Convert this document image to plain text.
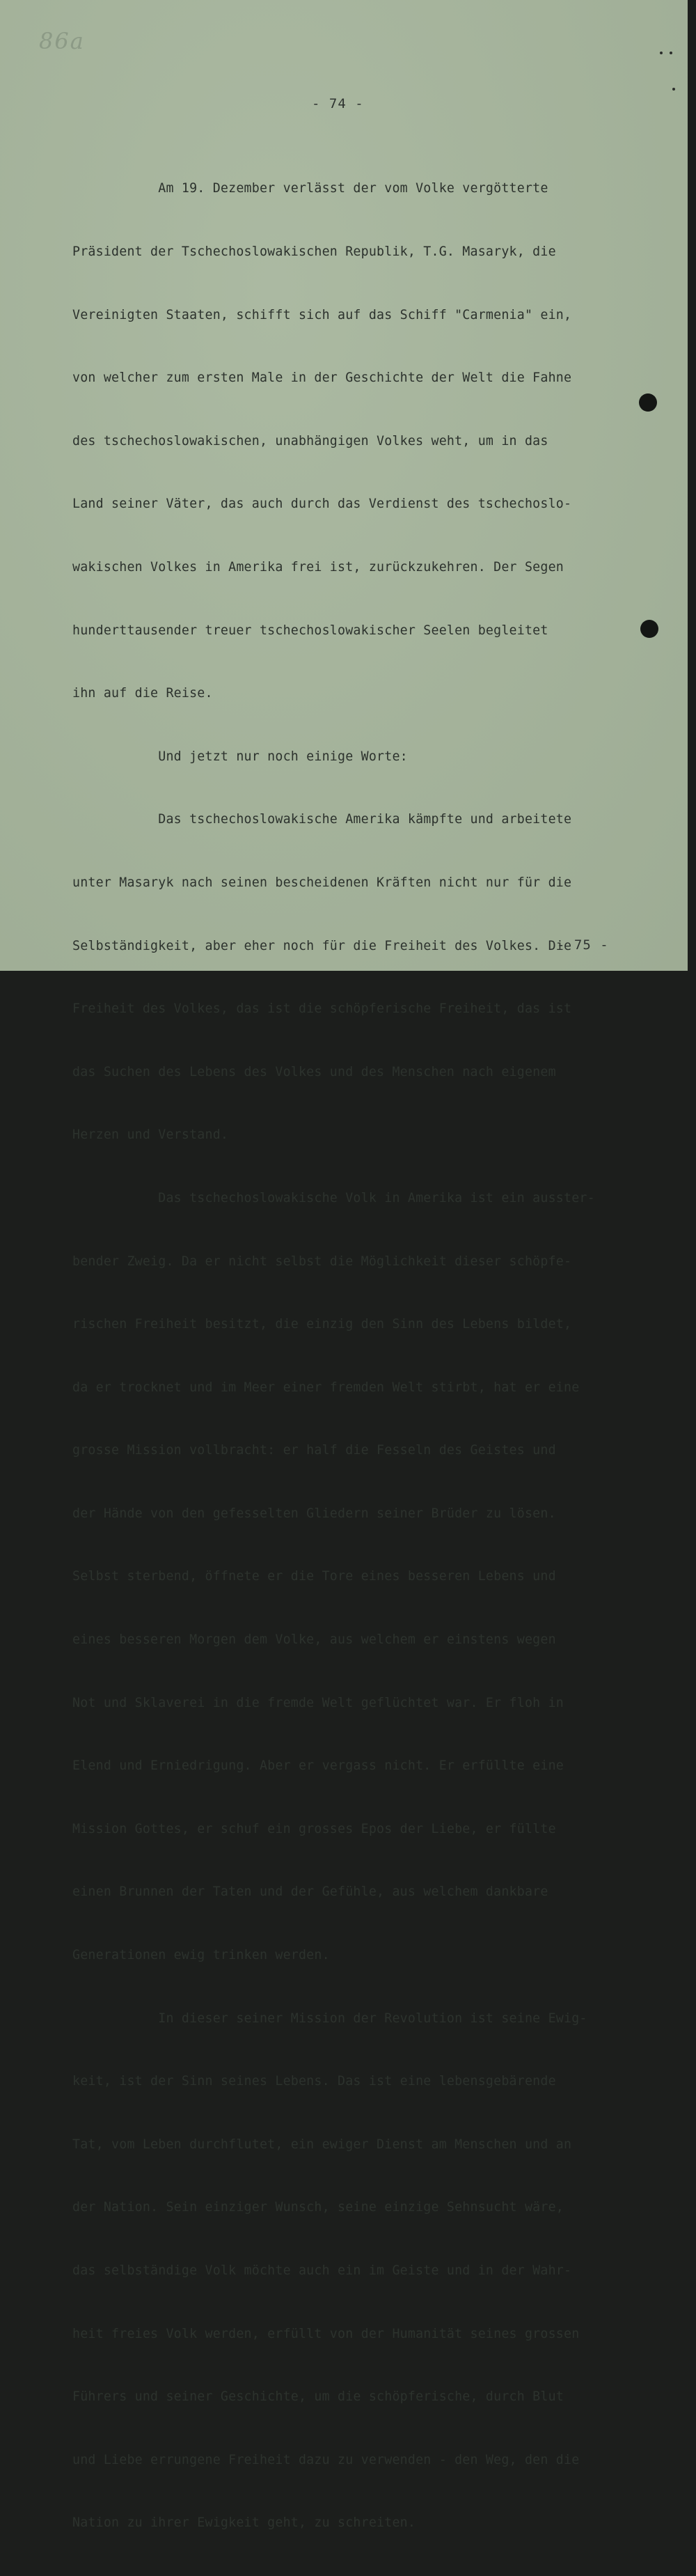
86a
- 74 -

Am 19. Dezember verlässt der vom Volke vergötterte

Präsident der Tschechoslowakischen Republik, T.G. Masaryk, die

Vereinigten Staaten, schifft sich auf das Schiff "Carmenia" ein,

von welcher zum ersten Male in der Geschichte der Welt die Fahne

des tschechoslowakischen, unabhängigen Volkes weht, um in das

Land seiner Väter, das auch durch das Verdienst des tschechoslo-

wakischen Volkes in Amerika frei ist, zurückzukehren. Der Segen

hunderttausender treuer tschechoslowakischer Seelen begleitet

ihn auf die Reise.

Und jetzt nur noch einige Worte:

Das tschechoslowakische Amerika kämpfte und arbeitete

unter Masaryk nach seinen bescheidenen Kräften nicht nur für die

Selbständigkeit, aber eher noch für die Freiheit des Volkes. Die

Freiheit des Volkes, das ist die schöpferische Freiheit, das ist

das Suchen des Lebens des Volkes und des Menschen nach eigenem

Herzen und Verstand.

Das tschechoslowakische Volk in Amerika ist ein ausster-

bender Zweig. Da er nicht selbst die Möglichkeit dieser schöpfe-

rischen Freiheit besitzt, die einzig den Sinn des Lebens bildet,

da er trocknet und im Meer einer fremden Welt stirbt, hat er eine

grosse Mission vollbracht: er half die Fesseln des Geistes und

der Hände von den gefesselten Gliedern seiner Brüder zu lösen.

Selbst sterbend, öffnete er die Tore eines besseren Lebens und

eines besseren Morgen dem Volke, aus welchem er einstens wegen

Not und Sklaverei in die fremde Welt geflüchtet war. Er floh in

Elend und Erniedrigung. Aber er vergass nicht. Er erfüllte eine

Mission Gottes, er schuf ein grosses Epos der Liebe, er füllte

einen Brunnen der Taten und der Gefühle, aus welchem dankbare

Generationen ewig trinken werden.

In dieser seiner Mission der Revolution ist seine Ewig-

keit, ist der Sinn seines Lebens. Das ist eine lebensgebärende

Tat, vom Leben durchflutet, ein ewiger Dienst am Menschen und an

der Nation. Sein einziger Wunsch, seine einzige Sehnsucht wäre,

das selbständige Volk möchte auch ein im Geiste und in der Wahr-

heit freies Volk werden, erfüllt von der Humanität seines grossen

Führers und seiner Geschichte, um die schöpferische, durch Blut

und Liebe errungene Freiheit dazu zu verwenden - den Weg, den die

Nation zu ihrer Ewigkeit geht, zu schreiten.

- 75 -
